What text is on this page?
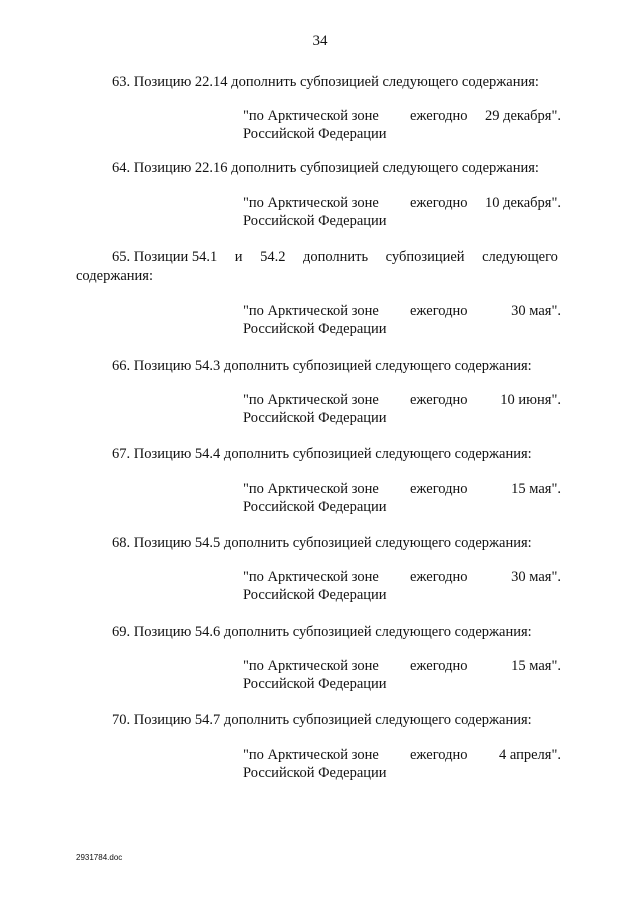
34
63. Позицию 22.14 дополнить субпозицией следующего содержания:
"по Арктической зоне
Российской Федерации
ежегодно 29 декабря".
64. Позицию 22.16 дополнить субпозицией следующего содержания:
"по Арктической зоне
Российской Федерации
ежегодно 10 декабря".
65. Позиции 54.1 и 54.2 дополнить субпозицией следующего
содержания:
"по Арктической зоне
Российской Федерации
ежегодно	30 мая".
66. Позицию 54.3 дополнить субпозицией следующего содержания:
"по Арктической зоне
Российской Федерации
ежегодно 10 июня".
67. Позицию 54.4 дополнить субпозицией следующего содержания:
"по Арктической зоне
Российской Федерации
ежегодно	15 мая".
68. Позицию 54.5 дополнить субпозицией следующего содержания:
"по Арктической зоне
Российской Федерации
ежегодно	30 мая".
69. Позицию 54.6 дополнить субпозицией следующего содержания:
"по Арктической зоне
Российской Федерации
ежегодно	15 мая".
70. Позицию 54.7 дополнить субпозицией следующего содержания:
"по Арктической зоне
Российской Федерации
ежегодно 4 апреля".
2931784.doc
